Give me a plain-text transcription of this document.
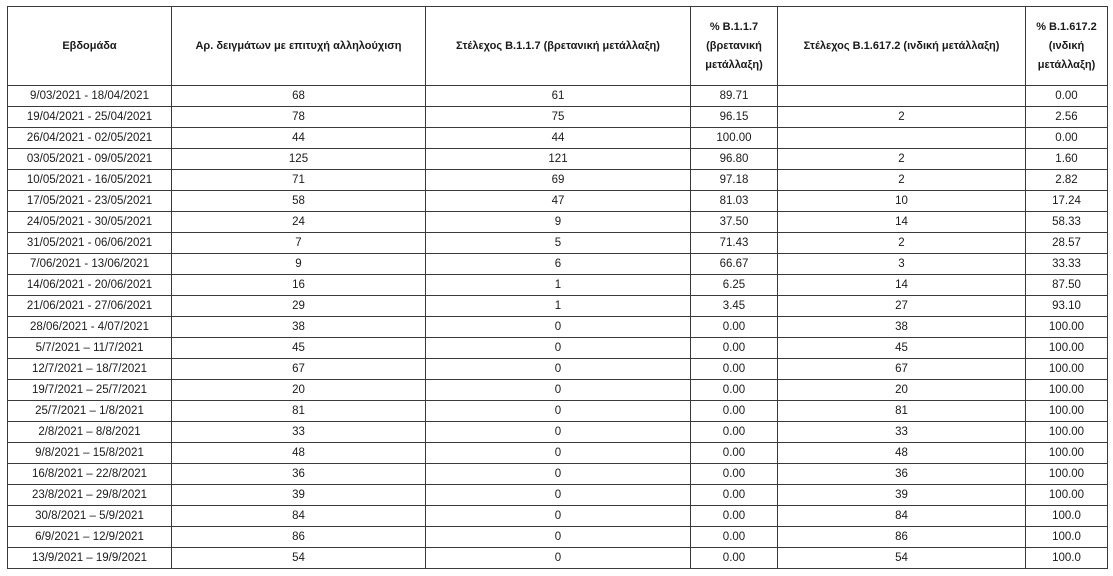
Εβδομάδα	Αρ. δειγμάτων με επιτυχή αλληλούχιση	Στέλεχος Β.1.1.7 (βρετανική μετάλλαξη)	% Β.1.1.7 (βρετανική μετάλλαξη)	Στέλεχος Β.1.617.2 (ινδική μετάλλαξη)	% Β.1.617.2 (ινδική μετάλλαξη)
9/03/2021 - 18/04/2021	68	61	89.71		0.00
19/04/2021 - 25/04/2021	78	75	96.15	2	2.56
26/04/2021 - 02/05/2021	44	44	100.00		0.00
03/05/2021 - 09/05/2021	125	121	96.80	2	1.60
10/05/2021 - 16/05/2021	71	69	97.18	2	2.82
17/05/2021 - 23/05/2021	58	47	81.03	10	17.24
24/05/2021 - 30/05/2021	24	9	37.50	14	58.33
31/05/2021 - 06/06/2021	7	5	71.43	2	28.57
7/06/2021 - 13/06/2021	9	6	66.67	3	33.33
14/06/2021 - 20/06/2021	16	1	6.25	14	87.50
21/06/2021 - 27/06/2021	29	1	3.45	27	93.10
28/06/2021 - 4/07/2021	38	0	0.00	38	100.00
5/7/2021 – 11/7/2021	45	0	0.00	45	100.00
12/7/2021 – 18/7/2021	67	0	0.00	67	100.00
19/7/2021 – 25/7/2021	20	0	0.00	20	100.00
25/7/2021 – 1/8/2021	81	0	0.00	81	100.00
2/8/2021 – 8/8/2021	33	0	0.00	33	100.00
9/8/2021 – 15/8/2021	48	0	0.00	48	100.00
16/8/2021 – 22/8/2021	36	0	0.00	36	100.00
23/8/2021 – 29/8/2021	39	0	0.00	39	100.00
30/8/2021 – 5/9/2021	84	0	0.00	84	100.0
6/9/2021 – 12/9/2021	86	0	0.00	86	100.0
13/9/2021 – 19/9/2021	54	0	0.00	54	100.0
